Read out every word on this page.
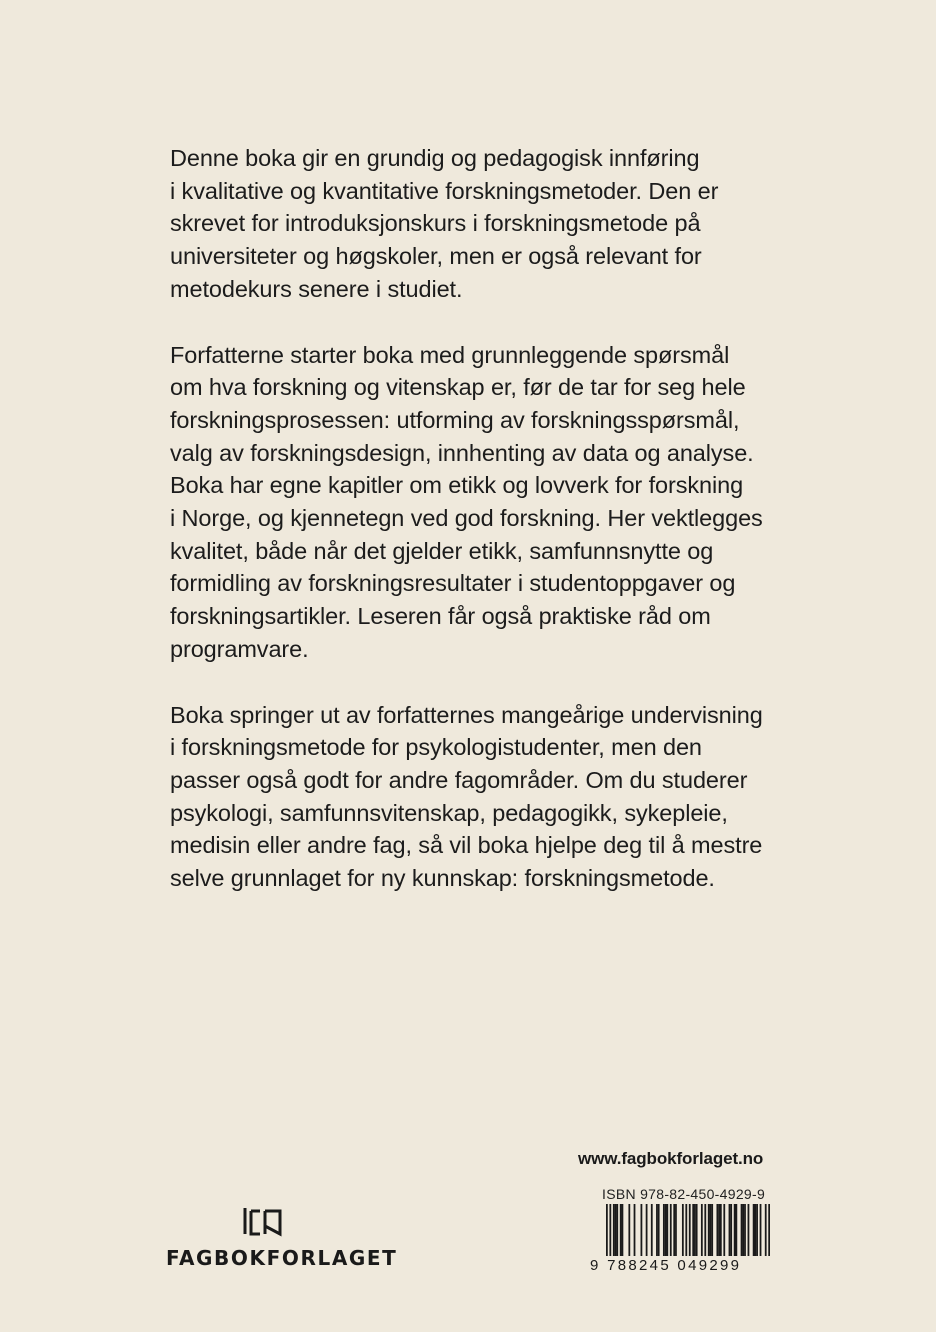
Denne boka gir en grundig og pedagogisk innføring
i kvalitative og kvantitative forskningsmetoder. Den er
skrevet for introduksjonskurs i forskningsmetode på
universiteter og høgskoler, men er også relevant for
metodekurs senere i studiet.

Forfatterne starter boka med grunnleggende spørsmål
om hva forskning og vitenskap er, før de tar for seg hele
forskningsprosessen: utforming av forskningsspørsmål,
valg av forskningsdesign, innhenting av data og analyse.
Boka har egne kapitler om etikk og lovverk for forskning
i Norge, og kjennetegn ved god forskning. Her vektlegges
kvalitet, både når det gjelder etikk, samfunnsnytte og
formidling av forskningsresultater i studentoppgaver og
forskningsartikler. Leseren får også praktiske råd om
programvare.

Boka springer ut av forfatternes mangeårige undervisning
i forskningsmetode for psykologistudenter, men den
passer også godt for andre fagområder. Om du studerer
psykologi, samfunnsvitenskap, pedagogikk, sykepleie,
medisin eller andre fag, så vil boka hjelpe deg til å mestre
selve grunnlaget for ny kunnskap: forskningsmetode.

www.fagbokforlaget.no
ISBN 978-82-450-4929-9
9 788245 049299
FAGBOKFORLAGET
